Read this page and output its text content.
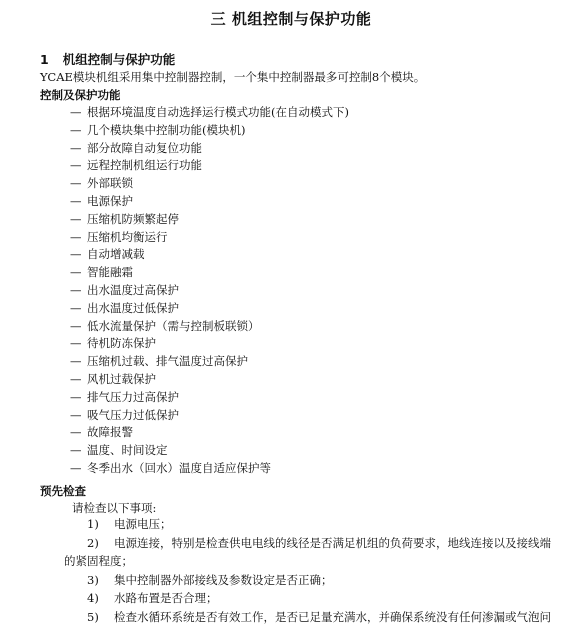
三 机组控制与保护功能
1 机组控制与保护功能

YCAE模块机组采用集中控制器控制，一个集中控制器最多可控制8个模块。

控制及保护功能
— 根据环境温度自动选择运行模式功能(在自动模式下)
— 几个模块集中控制功能(模块机)
— 部分故障自动复位功能
— 远程控制机组运行功能
— 外部联锁
— 电源保护
— 压缩机防频繁起停
— 压缩机均衡运行
— 自动增减载
— 智能融霜
— 出水温度过高保护
— 出水温度过低保护
— 低水流量保护（需与控制板联锁）
— 待机防冻保护
— 压缩机过载、排气温度过高保护
— 风机过载保护
— 排气压力过高保护
— 吸气压力过低保护
— 故障报警
— 温度、时间设定
— 冬季出水（回水）温度自适应保护等
预先检查

请检查以下事项:

1) 电源电压；
2) 电源连接，特别是检查供电电线的线径是否满足机组的负荷要求，地线连接以及接线端
的紧固程度；
3) 集中控制器外部接线及参数设定是否正确；
4) 水路布置是否合理；
5) 检查水循环系统是否有效工作，是否已足量充满水，并确保系统没有任何渗漏或气泡问
